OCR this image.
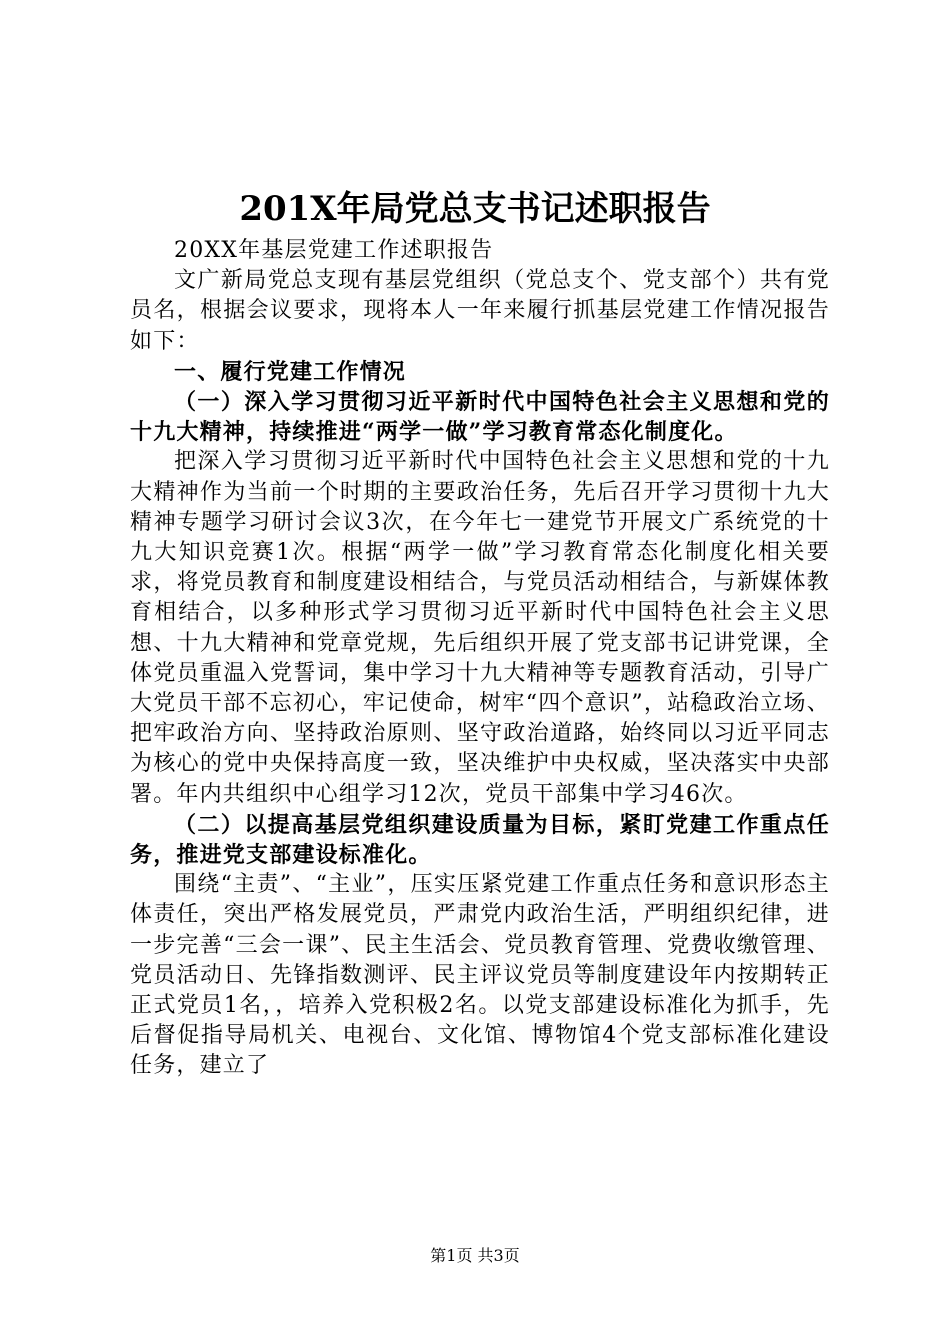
201X年局党总支书记述职报告

20XX年基层党建工作述职报告

文广新局党总支现有基层党组织（党总支个、党支部个）共有党员名，根据会议要求，现将本人一年来履行抓基层党建工作情况报告如下：

一、履行党建工作情况

（一）深入学习贯彻习近平新时代中国特色社会主义思想和党的十九大精神，持续推进“两学一做”学习教育常态化制度化。

把深入学习贯彻习近平新时代中国特色社会主义思想和党的十九大精神作为当前一个时期的主要政治任务，先后召开学习贯彻十九大精神专题学习研讨会议3次，在今年七一建党节开展文广系统党的十九大知识竞赛1次。根据“两学一做”学习教育常态化制度化相关要求，将党员教育和制度建设相结合，与党员活动相结合，与新媒体教育相结合，以多种形式学习贯彻习近平新时代中国特色社会主义思想、十九大精神和党章党规，先后组织开展了党支部书记讲党课，全体党员重温入党誓词，集中学习十九大精神等专题教育活动，引导广大党员干部不忘初心，牢记使命，树牢“四个意识”，站稳政治立场、把牢政治方向、坚持政治原则、坚守政治道路，始终同以习近平同志为核心的党中央保持高度一致，坚决维护中央权威，坚决落实中央部署。年内共组织中心组学习12次，党员干部集中学习46次。

（二）以提高基层党组织建设质量为目标，紧盯党建工作重点任务，推进党支部建设标准化。

围绕“主责”、“主业”，压实压紧党建工作重点任务和意识形态主体责任，突出严格发展党员，严肃党内政治生活，严明组织纪律，进一步完善“三会一课”、民主生活会、党员教育管理、党费收缴管理、党员活动日、先锋指数测评、民主评议党员等制度建设年内按期转正正式党员1名，，培养入党积极2名。以党支部建设标准化为抓手，先后督促指导局机关、电视台、文化馆、博物馆4个党支部标准化建设任务，建立了

第1页 共3页
